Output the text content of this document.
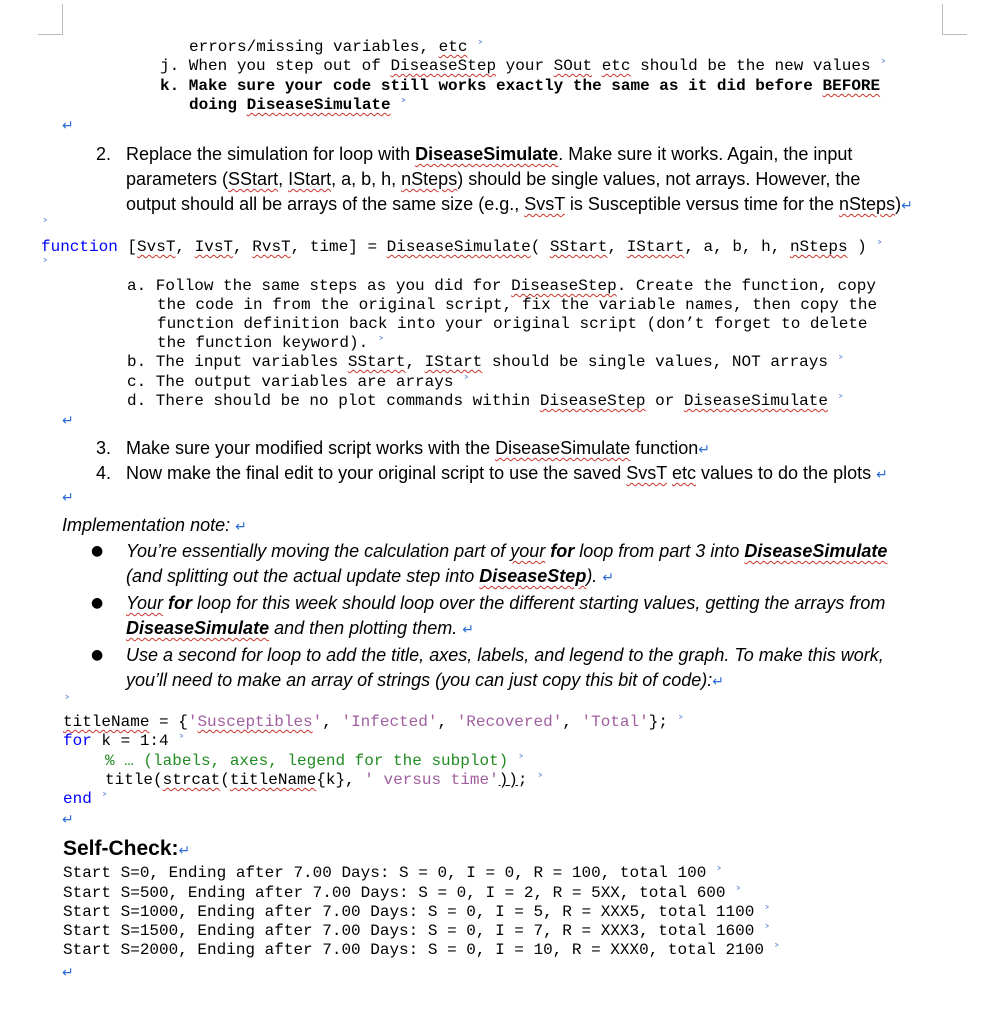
errors/missing variables, etc ˃
j. When you step out of DiseaseStep your SOut etc should be the new values ˃
k. Make sure your code still works exactly the same as it did before BEFORE
doing DiseaseSimulate ˃
↵
2. Replace the simulation for loop with DiseaseSimulate. Make sure it works. Again, the input
parameters (SStart, IStart, a, b, h, nSteps) should be single values, not arrays. However, the
output should all be arrays of the same size (e.g., SvsT is Susceptible versus time for the nSteps)↵
˃
function [SvsT, IvsT, RvsT, time] = DiseaseSimulate( SStart, IStart, a, b, h, nSteps ) ˃
˃
a. Follow the same steps as you did for DiseaseStep. Create the function, copy
the code in from the original script, fix the variable names, then copy the
function definition back into your original script (don’t forget to delete
the function keyword). ˃
b. The input variables SStart, IStart should be single values, NOT arrays ˃
c. The output variables are arrays ˃
d. There should be no plot commands within DiseaseStep or DiseaseSimulate ˃
↵
3. Make sure your modified script works with the DiseaseSimulate function↵
4. Now make the final edit to your original script to use the saved SvsT etc values to do the plots ↵
↵
Implementation note: ↵
● You’re essentially moving the calculation part of your for loop from part 3 into DiseaseSimulate
(and splitting out the actual update step into DiseaseStep). ↵
● Your for loop for this week should loop over the different starting values, getting the arrays from
DiseaseSimulate and then plotting them. ↵
● Use a second for loop to add the title, axes, labels, and legend to the graph. To make this work,
you’ll need to make an array of strings (you can just copy this bit of code):↵
˃
titleName = {'Susceptibles', 'Infected', 'Recovered', 'Total'}; ˃
for k = 1:4 ˃
% … (labels, axes, legend for the subplot) ˃
title(strcat(titleName{k}, ' versus time')); ˃
end ˃
↵
Self-Check:↵
Start S=0, Ending after 7.00 Days: S = 0, I = 0, R = 100, total 100 ˃
Start S=500, Ending after 7.00 Days: S = 0, I = 2, R = 5XX, total 600 ˃
Start S=1000, Ending after 7.00 Days: S = 0, I = 5, R = XXX5, total 1100 ˃
Start S=1500, Ending after 7.00 Days: S = 0, I = 7, R = XXX3, total 1600 ˃
Start S=2000, Ending after 7.00 Days: S = 0, I = 10, R = XXX0, total 2100 ˃
↵
